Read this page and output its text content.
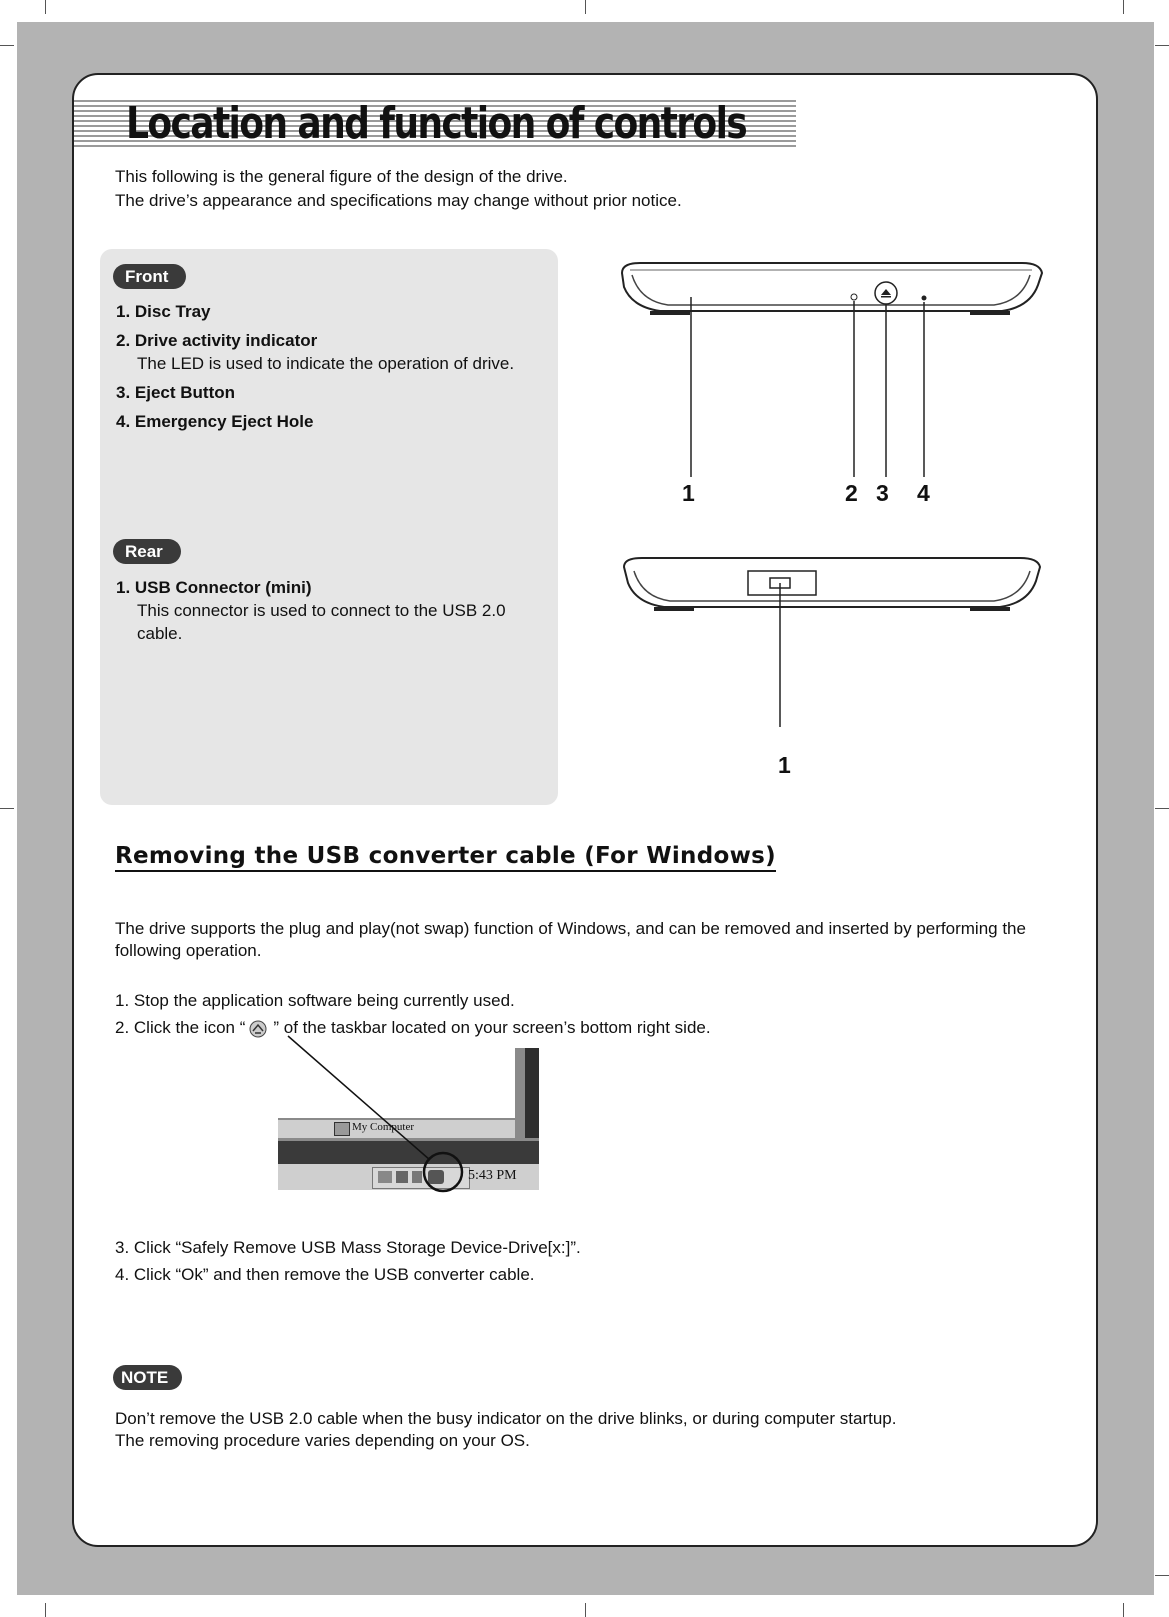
Location and function of controls
This following is the general figure of the design of the drive.
The drive’s appearance and specifications may change without prior notice.
Front
1. Disc Tray
2. Drive activity indicator
The LED is used to indicate the operation of drive.
3. Eject Button
4. Emergency Eject Hole
Rear
1. USB Connector (mini)
This connector is used to connect to the USB 2.0 cable.
1	2 3 4
1
Removing the USB converter cable (For Windows)
The drive supports the plug and play(not swap) function of Windows, and can be removed and inserted by performing the following operation.
1. Stop the application software being currently used.
2. Click the icon “ ” of the taskbar located on your screen’s bottom right side.
My Computer
5:43 PM
3. Click “Safely Remove USB Mass Storage Device-Drive[x:]”.
4. Click “Ok” and then remove the USB converter cable.
NOTE
Don’t remove the USB 2.0 cable when the busy indicator on the drive blinks, or during computer startup.
The removing procedure varies depending on your OS.
